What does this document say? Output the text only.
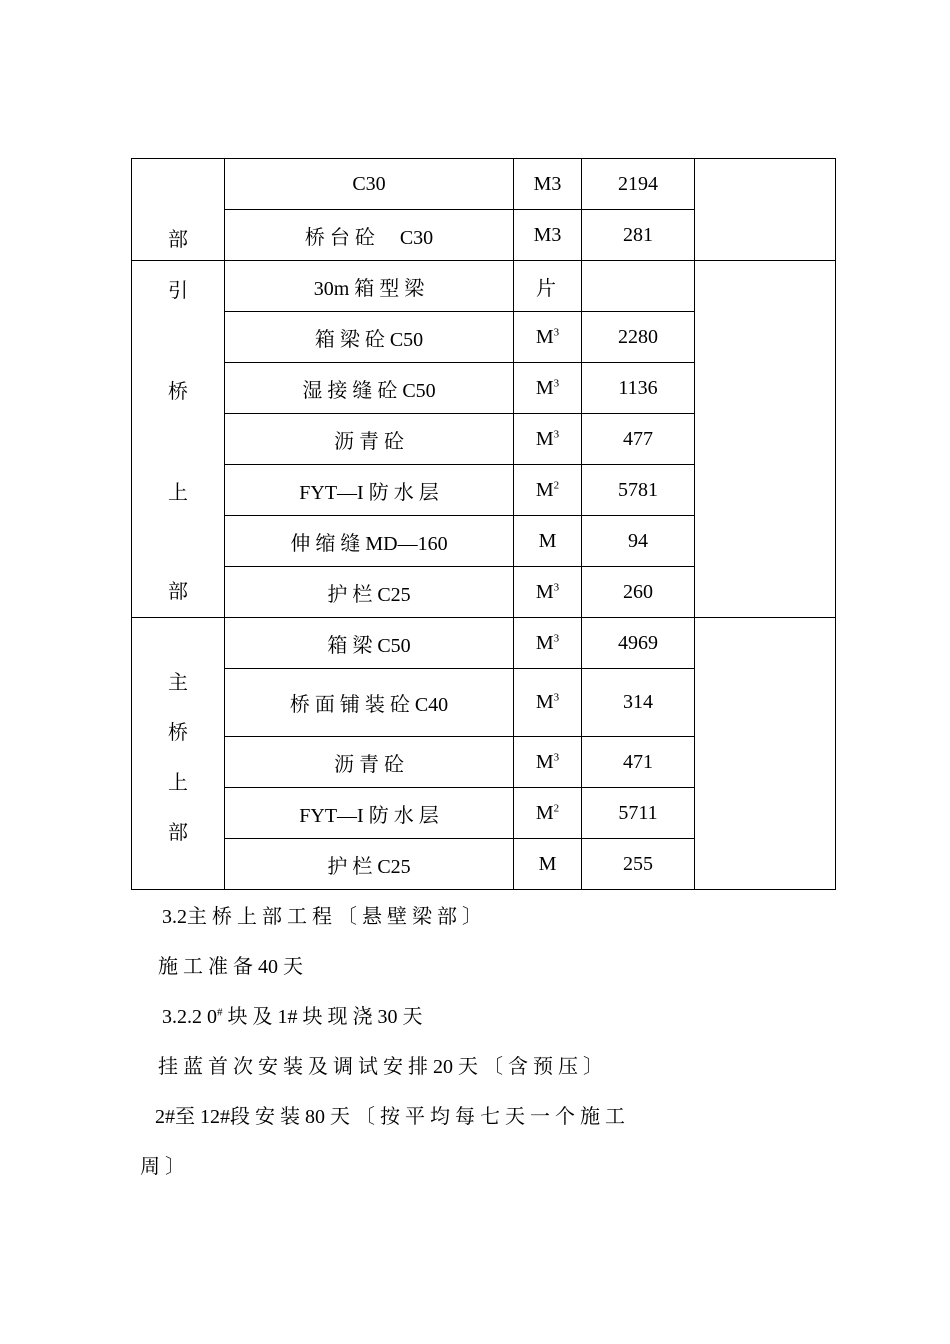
部	C30	M3	2194	
	桥 台 砼　 C30	M3	281	

引
桥
上
部	30m 箱 型 梁	片		
	箱 梁 砼 C50	$M^3$	2280	
	湿 接 缝 砼 C50	$M^3$	1136	
	沥 青 砼	$M^3$	477	
	FYT—I 防 水 层	$M^2$	5781	
	伸 缩 缝 MD—160	M	94	
	护 栏 C25	$M^3$	260	

主
桥
上
部	箱 梁 C50	$M^3$	4969	
	桥 面 铺 装 砼 C40	$M^3$	314	
	沥 青 砼	$M^3$	471	
	FYT—I 防 水 层	$M^2$	5711	
	护 栏 C25	M	255	
3.2主 桥 上 部 工 程 〔 悬 壁 梁 部 〕
施 工 准 备 40 天
3.2.2 0# 块 及 1# 块 现 浇 30 天
挂 蓝 首 次 安 装 及 调 试 安 排 20 天 〔 含 预 压 〕
2#至 12#段 安 装 80 天 〔 按 平 均 每 七 天 一 个 施 工
周 〕
